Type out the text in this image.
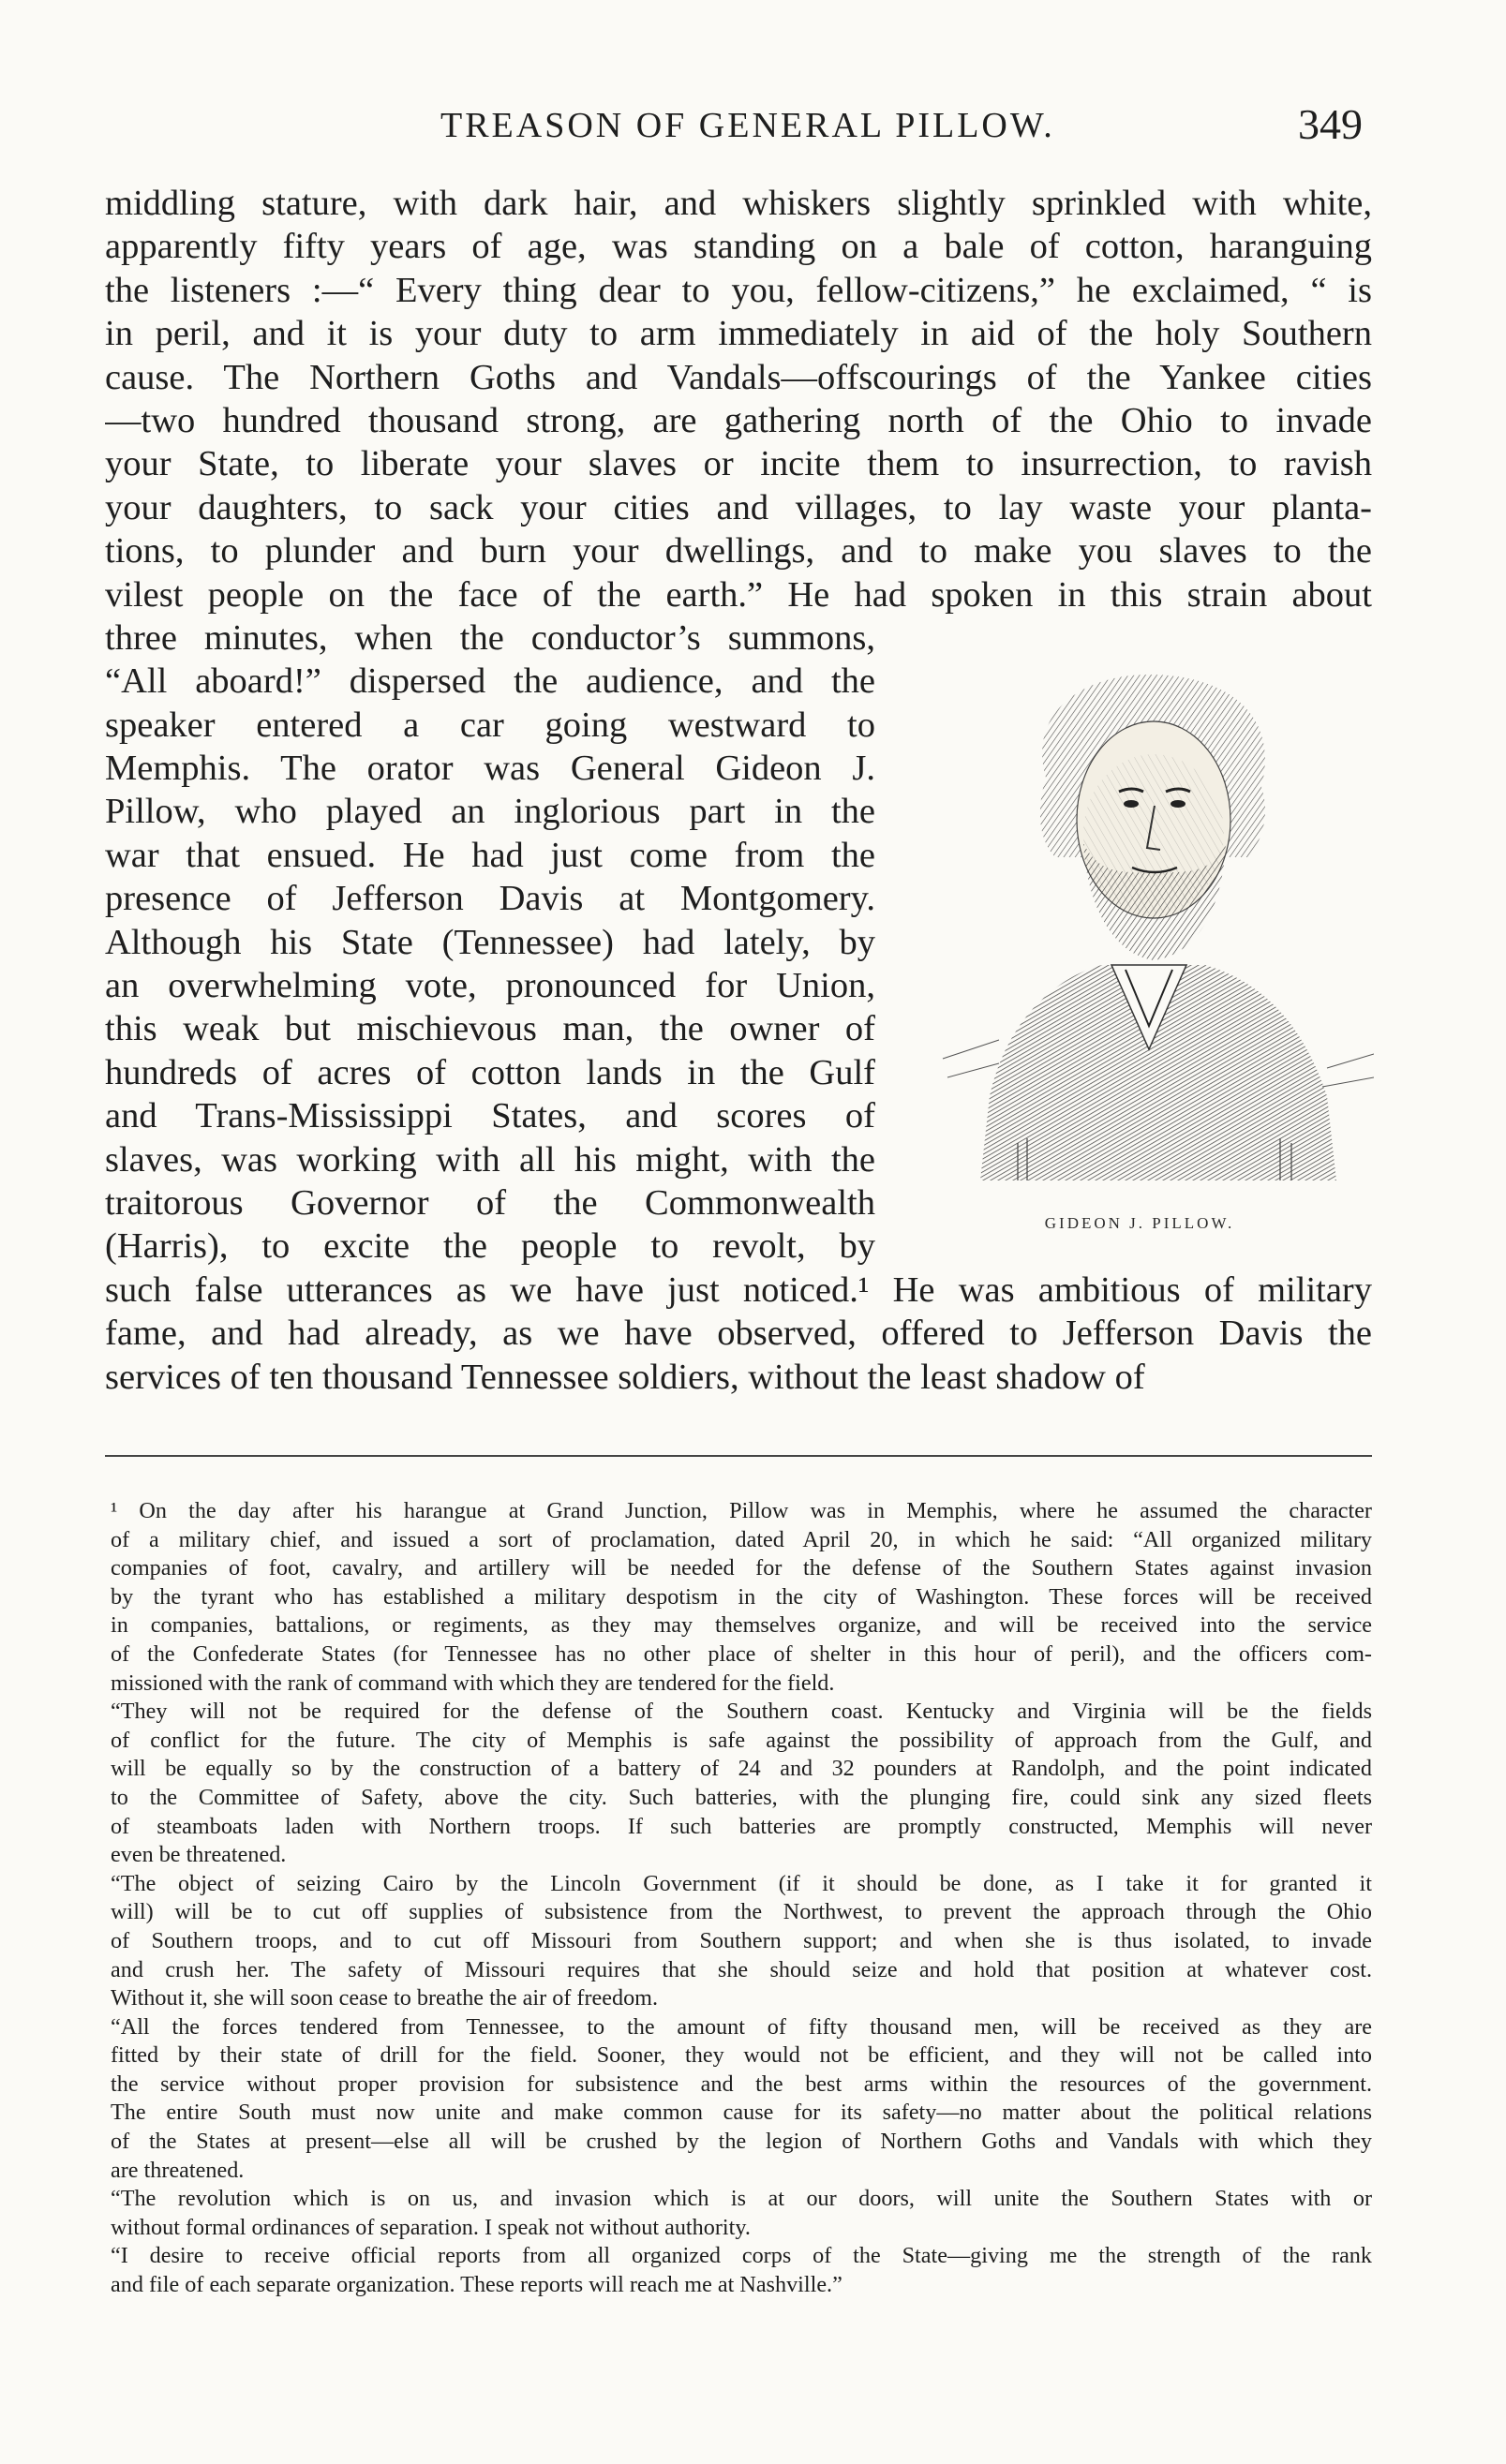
TREASON OF GENERAL PILLOW.	349
middling stature, with dark hair, and whiskers slightly sprinkled with white,
apparently fifty years of age, was standing on a bale of cotton, haranguing
the listeners :—“ Every thing dear to you, fellow-citizens,” he exclaimed, “ is
in peril, and it is your duty to arm immediately in aid of the holy Southern
cause. The Northern Goths and Vandals—offscourings of the Yankee cities
—two hundred thousand strong, are gathering north of the Ohio to invade
your State, to liberate your slaves or incite them to insurrection, to ravish
your daughters, to sack your cities and villages, to lay waste your planta-
tions, to plunder and burn your dwellings, and to make you slaves to the
vilest people on the face of the earth.” He had spoken in this strain about
three minutes, when the conductor’s summons,
“All aboard!” dispersed the audience, and the
speaker entered a car going westward to
Memphis. The orator was General Gideon J.
Pillow, who played an inglorious part in the
war that ensued. He had just come from the
presence of Jefferson Davis at Montgomery.
Although his State (Tennessee) had lately, by
an overwhelming vote, pronounced for Union,
this weak but mischievous man, the owner of
hundreds of acres of cotton lands in the Gulf
and Trans-Mississippi States, and scores of
slaves, was working with all his might, with the
traitorous Governor of the Commonwealth
(Harris), to excite the people to revolt, by
such false utterances as we have just noticed.¹ He was ambitious of military
fame, and had already, as we have observed, offered to Jefferson Davis the
services of ten thousand Tennessee soldiers, without the least shadow of
GIDEON J. PILLOW.
¹ On the day after his harangue at Grand Junction, Pillow was in Memphis, where he assumed the character
of a military chief, and issued a sort of proclamation, dated April 20, in which he said: “All organized military
companies of foot, cavalry, and artillery will be needed for the defense of the Southern States against invasion
by the tyrant who has established a military despotism in the city of Washington. These forces will be received
in companies, battalions, or regiments, as they may themselves organize, and will be received into the service
of the Confederate States (for Tennessee has no other place of shelter in this hour of peril), and the officers com-
missioned with the rank of command with which they are tendered for the field.
“They will not be required for the defense of the Southern coast. Kentucky and Virginia will be the fields
of conflict for the future. The city of Memphis is safe against the possibility of approach from the Gulf, and
will be equally so by the construction of a battery of 24 and 32 pounders at Randolph, and the point indicated
to the Committee of Safety, above the city. Such batteries, with the plunging fire, could sink any sized fleets
of steamboats laden with Northern troops. If such batteries are promptly constructed, Memphis will never
even be threatened.
“The object of seizing Cairo by the Lincoln Government (if it should be done, as I take it for granted it
will) will be to cut off supplies of subsistence from the Northwest, to prevent the approach through the Ohio
of Southern troops, and to cut off Missouri from Southern support; and when she is thus isolated, to invade
and crush her. The safety of Missouri requires that she should seize and hold that position at whatever cost.
Without it, she will soon cease to breathe the air of freedom.
“All the forces tendered from Tennessee, to the amount of fifty thousand men, will be received as they are
fitted by their state of drill for the field. Sooner, they would not be efficient, and they will not be called into
the service without proper provision for subsistence and the best arms within the resources of the government.
The entire South must now unite and make common cause for its safety—no matter about the political relations
of the States at present—else all will be crushed by the legion of Northern Goths and Vandals with which they
are threatened.
“The revolution which is on us, and invasion which is at our doors, will unite the Southern States with or
without formal ordinances of separation. I speak not without authority.
“I desire to receive official reports from all organized corps of the State—giving me the strength of the rank
and file of each separate organization. These reports will reach me at Nashville.”
